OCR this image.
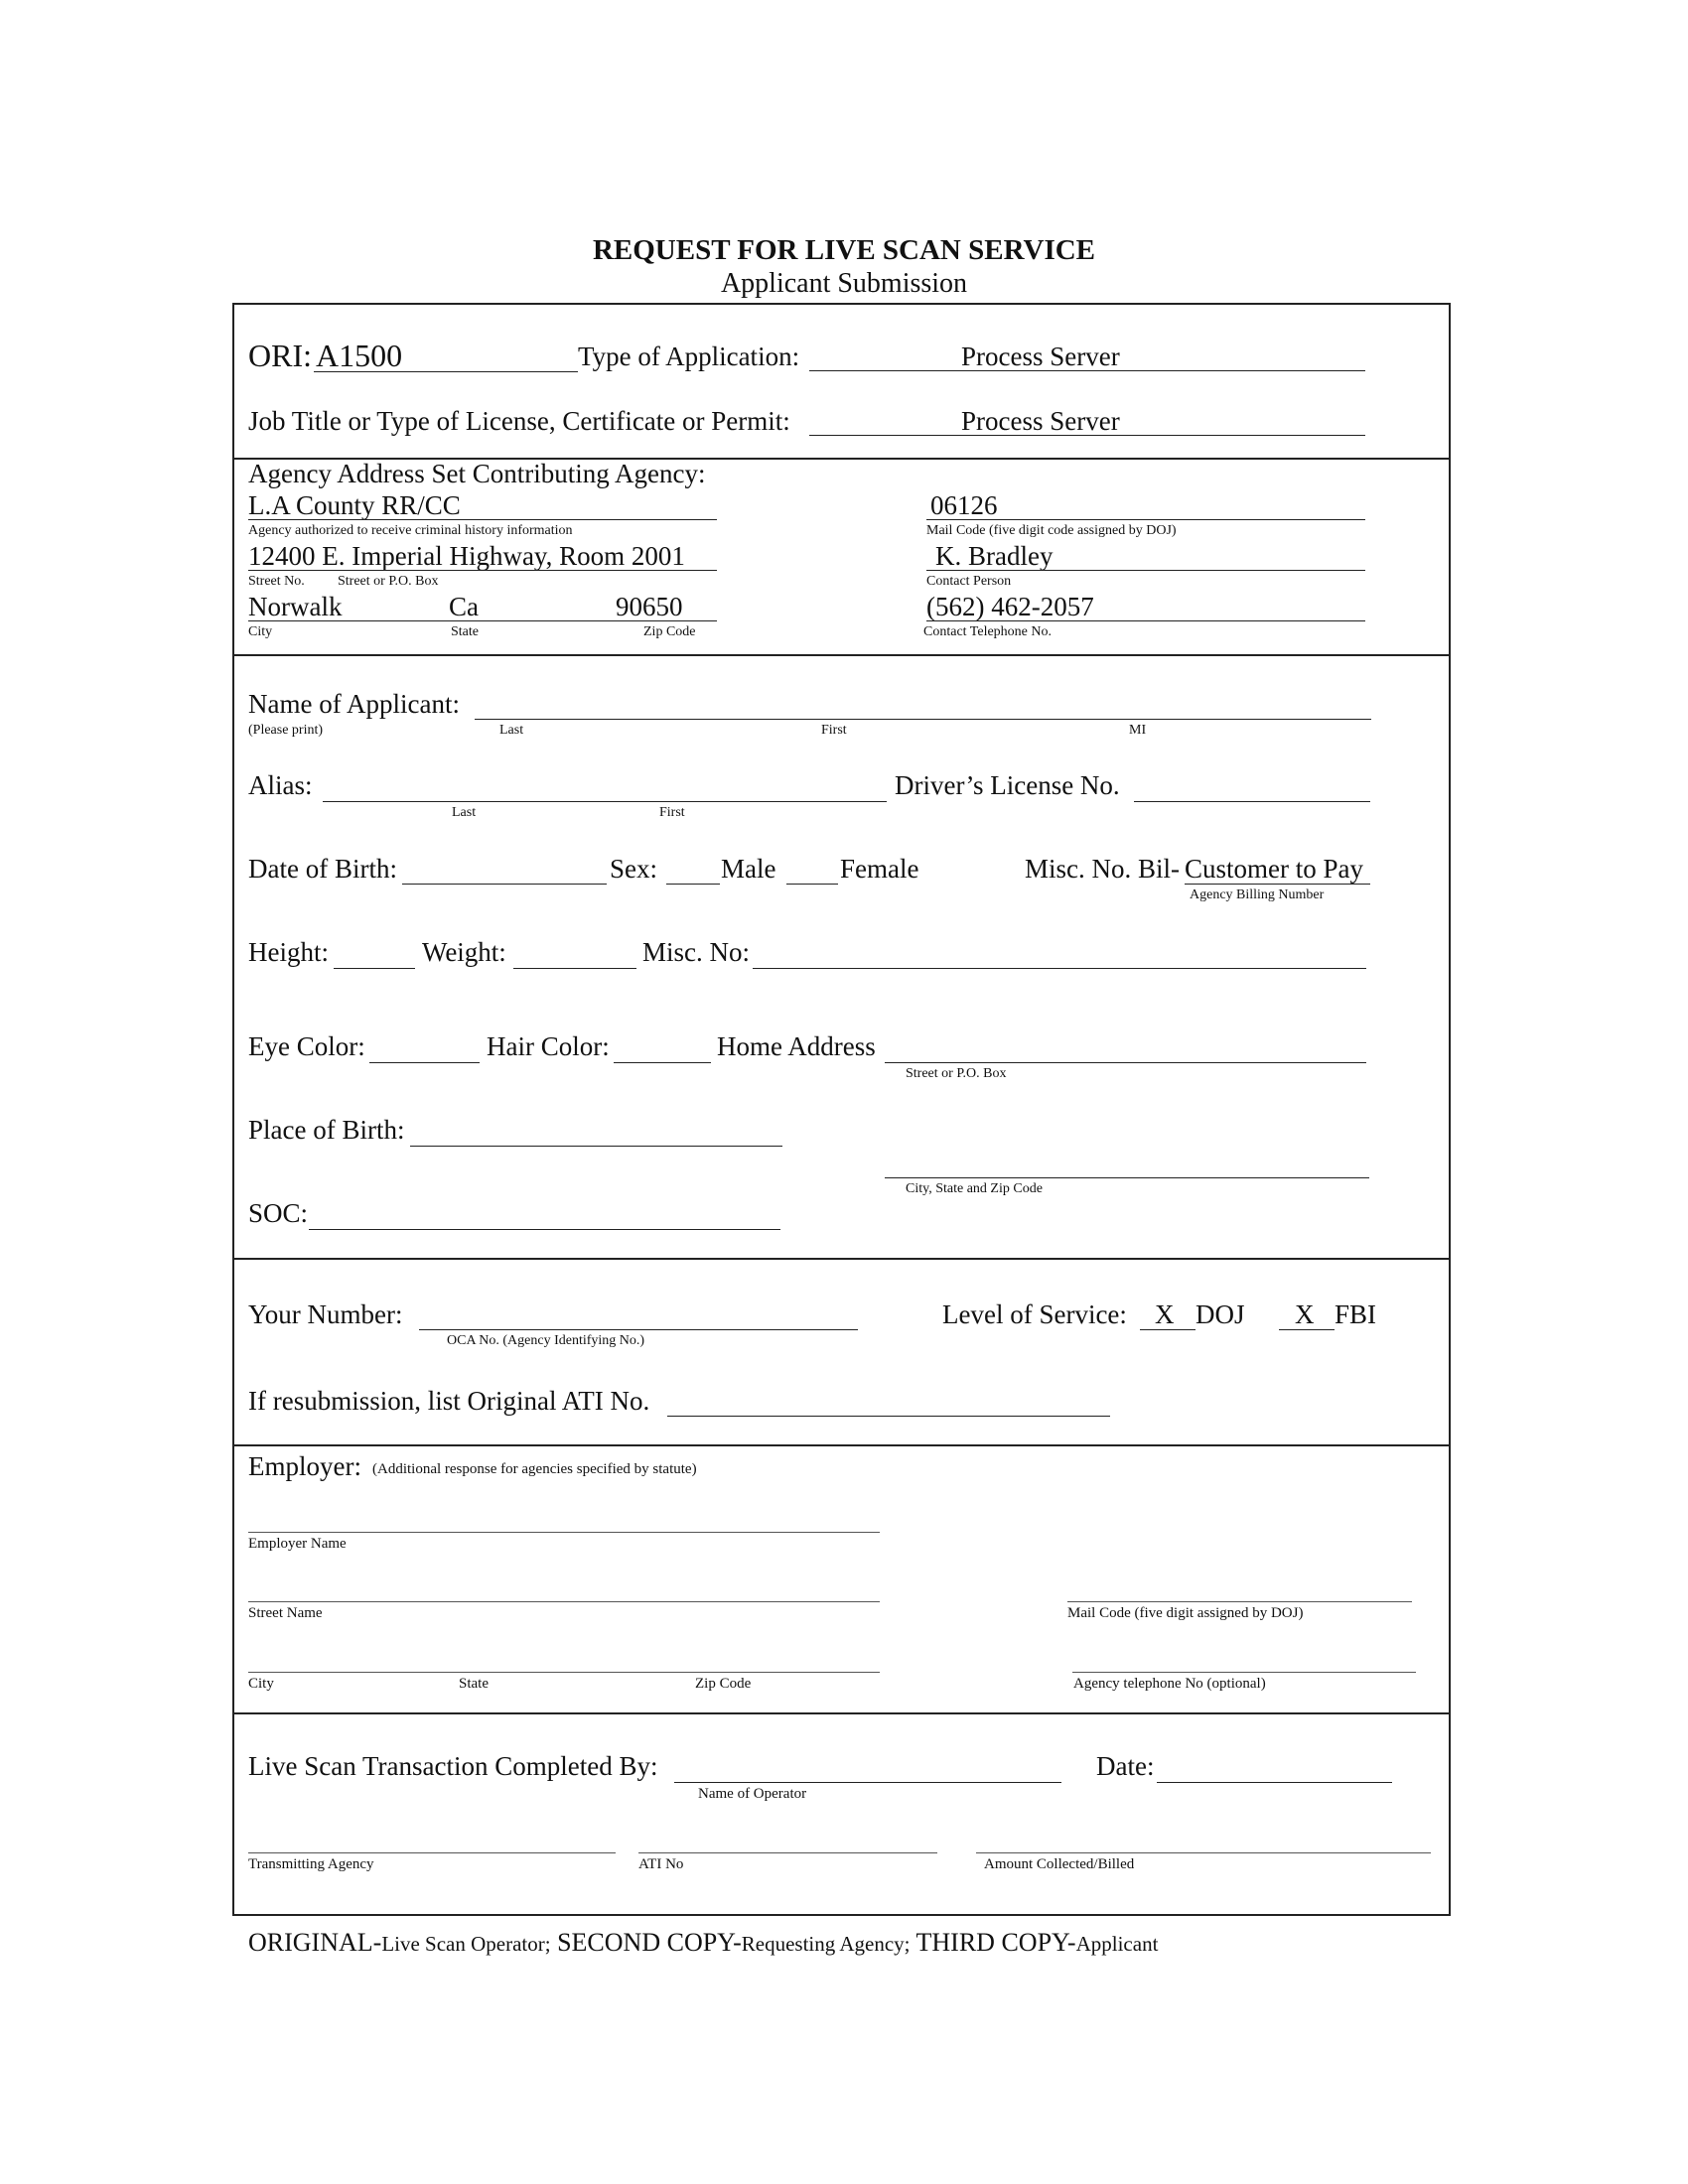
REQUEST FOR LIVE SCAN SERVICE
Applicant Submission
ORI: A1500	Type of Application:	Process Server
Job Title or Type of License, Certificate or Permit:	Process Server
Agency Address Set Contributing Agency:
L.A County RR/CC
Agency authorized to receive criminal history information
12400 E. Imperial Highway, Room 2001
Street No. Street or P.O. Box
Norwalk	Ca	90650
City	State	Zip Code
06126
Mail Code (five digit code assigned by DOJ)
K. Bradley
Contact Person
(562) 462-2057
Contact Telephone No.
Name of Applicant:
(Please print)	Last	First	MI
Alias:
Last	First
Driver’s License No.
Date of Birth:	Sex: Male Female	Misc. No. Bil- Customer to Pay
Agency Billing Number
Height:	Weight:	Misc. No:
Eye Color:	Hair Color:	Home Address
Street or P.O. Box
Place of Birth:
City, State and Zip Code
SOC:
Your Number:
OCA No. (Agency Identifying No.)
Level of Service: X DOJ X FBI
If resubmission, list Original ATI No.
Employer: (Additional response for agencies specified by statute)
Employer Name
Street Name	Mail Code (five digit assigned by DOJ)
City	State	Zip Code	Agency telephone No (optional)
Live Scan Transaction Completed By:
Name of Operator
Date:
Transmitting Agency	ATI No	Amount Collected/Billed
ORIGINAL-Live Scan Operator; SECOND COPY-Requesting Agency; THIRD COPY-Applicant
